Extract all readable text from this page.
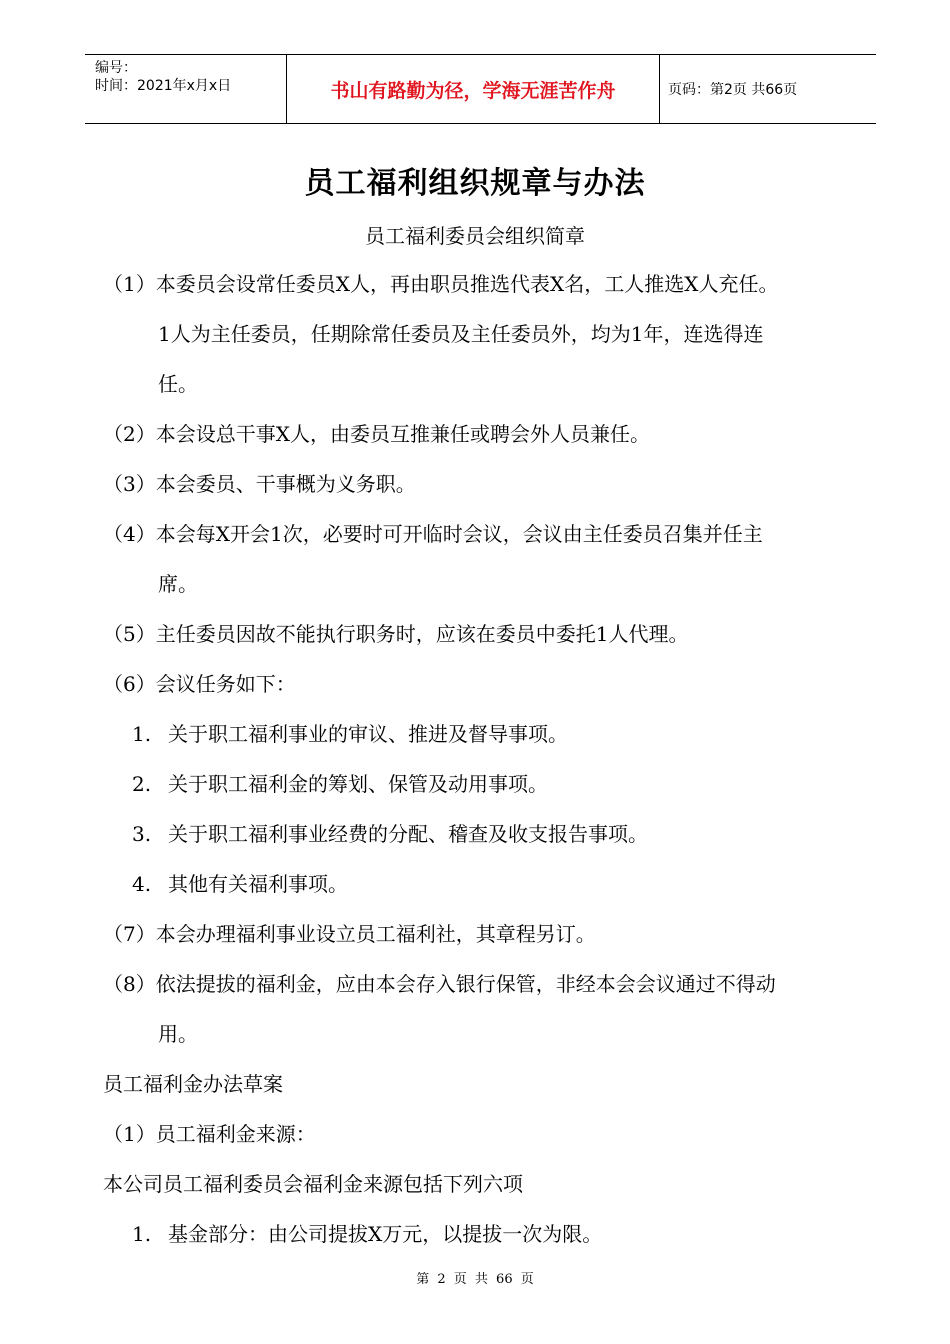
编号：
时间：2021年x月x日	书山有路勤为径，学海无涯苦作舟	页码：第2页 共66页
员工福利组织规章与办法
员工福利委员会组织简章
（1）本委员会设常任委员X人，再由职员推选代表X名，工人推选X人充任。
1人为主任委员，任期除常任委员及主任委员外，均为1年，连选得连
任。
（2）本会设总干事X人，由委员互推兼任或聘会外人员兼任。
（3）本会委员、干事概为义务职。
（4）本会每X开会1次，必要时可开临时会议，会议由主任委员召集并任主
席。
（5）主任委员因故不能执行职务时，应该在委员中委托1人代理。
（6）会议任务如下：
1. 关于职工福利事业的审议、推进及督导事项。
2. 关于职工福利金的筹划、保管及动用事项。
3. 关于职工福利事业经费的分配、稽查及收支报告事项。
4. 其他有关福利事项。
（7）本会办理福利事业设立员工福利社，其章程另订。
（8）依法提拔的福利金，应由本会存入银行保管，非经本会会议通过不得动
用。
员工福利金办法草案
（1）员工福利金来源：
本公司员工福利委员会福利金来源包括下列六项
1. 基金部分：由公司提拔X万元，以提拔一次为限。
第 2 页 共 66 页
